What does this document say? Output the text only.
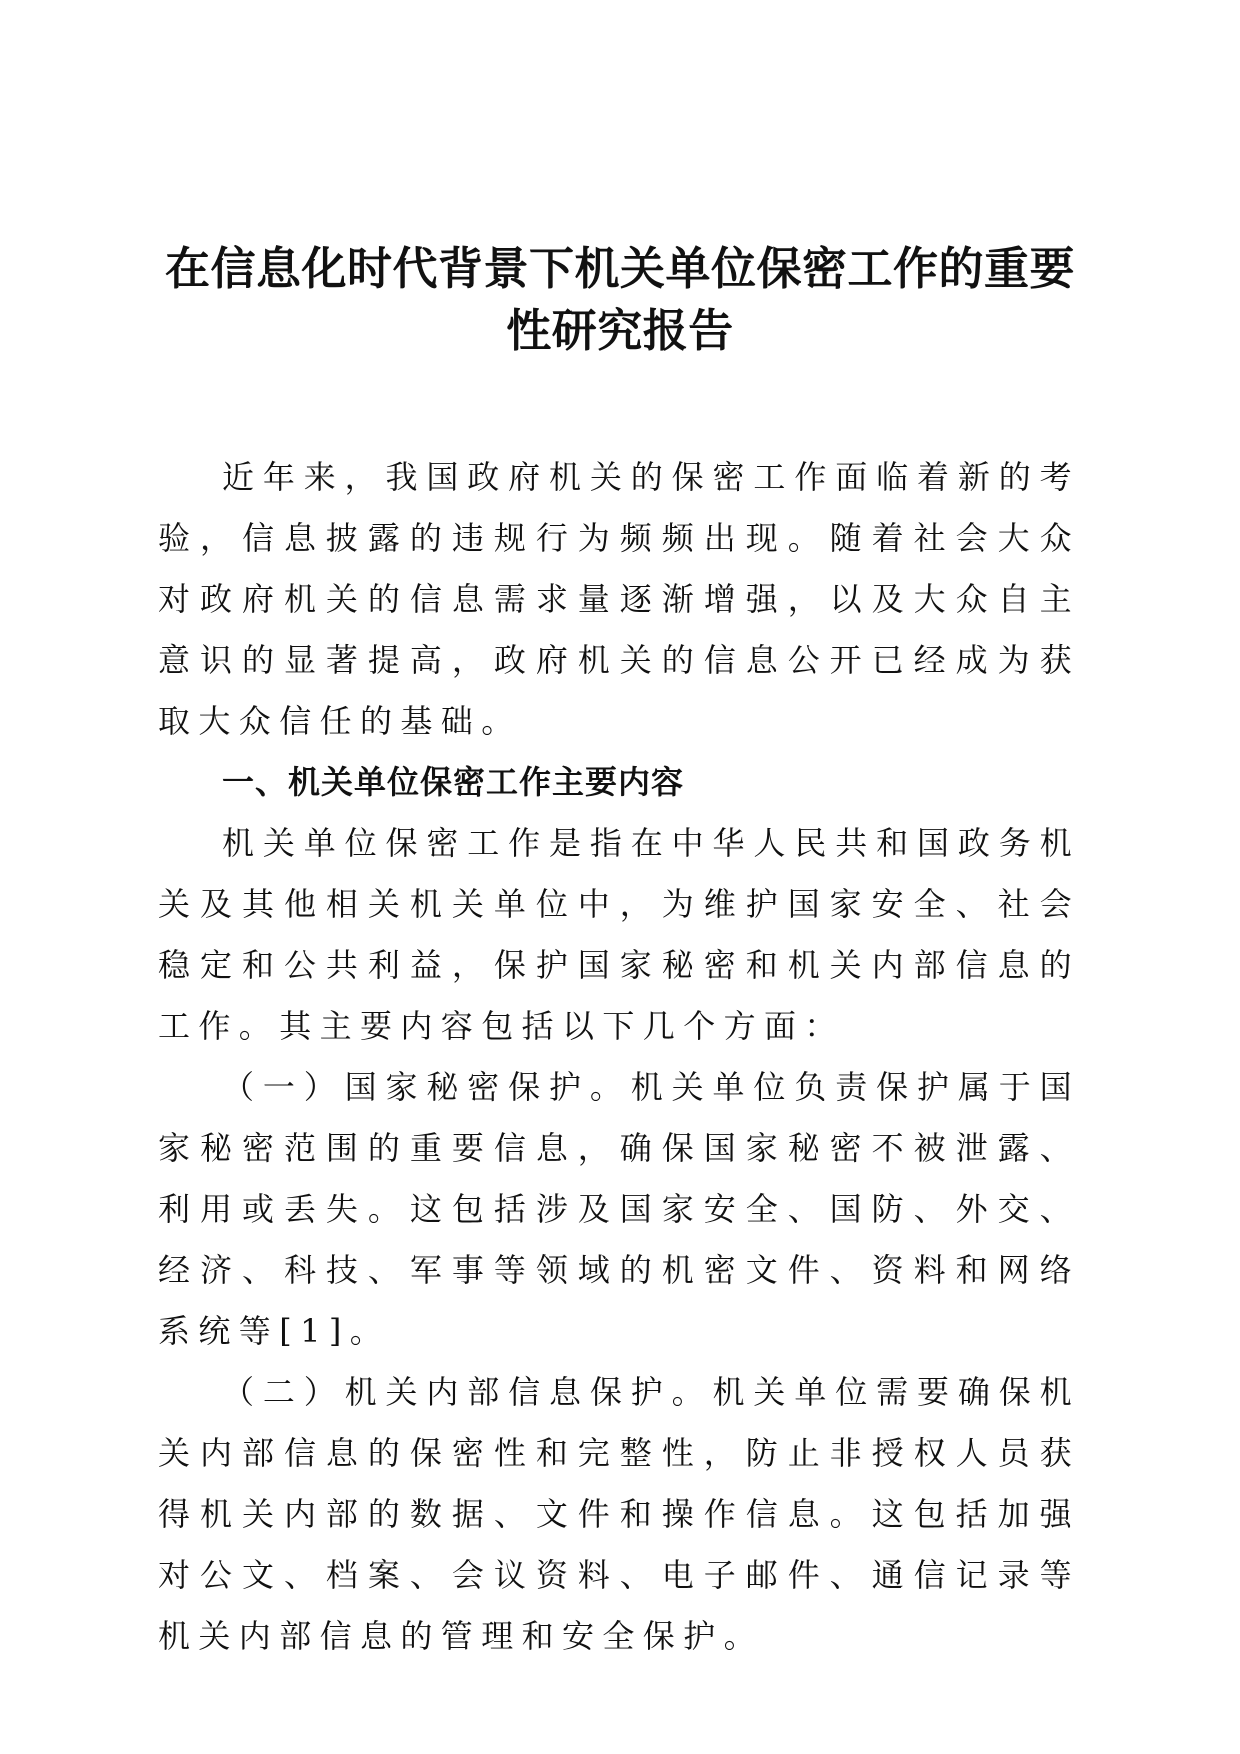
在信息化时代背景下机关单位保密工作的重要性研究报告

近年来，我国政府机关的保密工作面临着新的考验，信息披露的违规行为频频出现。随着社会大众对政府机关的信息需求量逐渐增强，以及大众自主意识的显著提高，政府机关的信息公开已经成为获取大众信任的基础。

一、机关单位保密工作主要内容

机关单位保密工作是指在中华人民共和国政务机关及其他相关机关单位中，为维护国家安全、社会稳定和公共利益，保护国家秘密和机关内部信息的工作。其主要内容包括以下几个方面：

（一）国家秘密保护。机关单位负责保护属于国家秘密范围的重要信息，确保国家秘密不被泄露、利用或丢失。这包括涉及国家安全、国防、外交、经济、科技、军事等领域的机密文件、资料和网络系统等[1]。

（二）机关内部信息保护。机关单位需要确保机关内部信息的保密性和完整性，防止非授权人员获得机关内部的数据、文件和操作信息。这包括加强对公文、档案、会议资料、电子邮件、通信记录等机关内部信息的管理和安全保护。
